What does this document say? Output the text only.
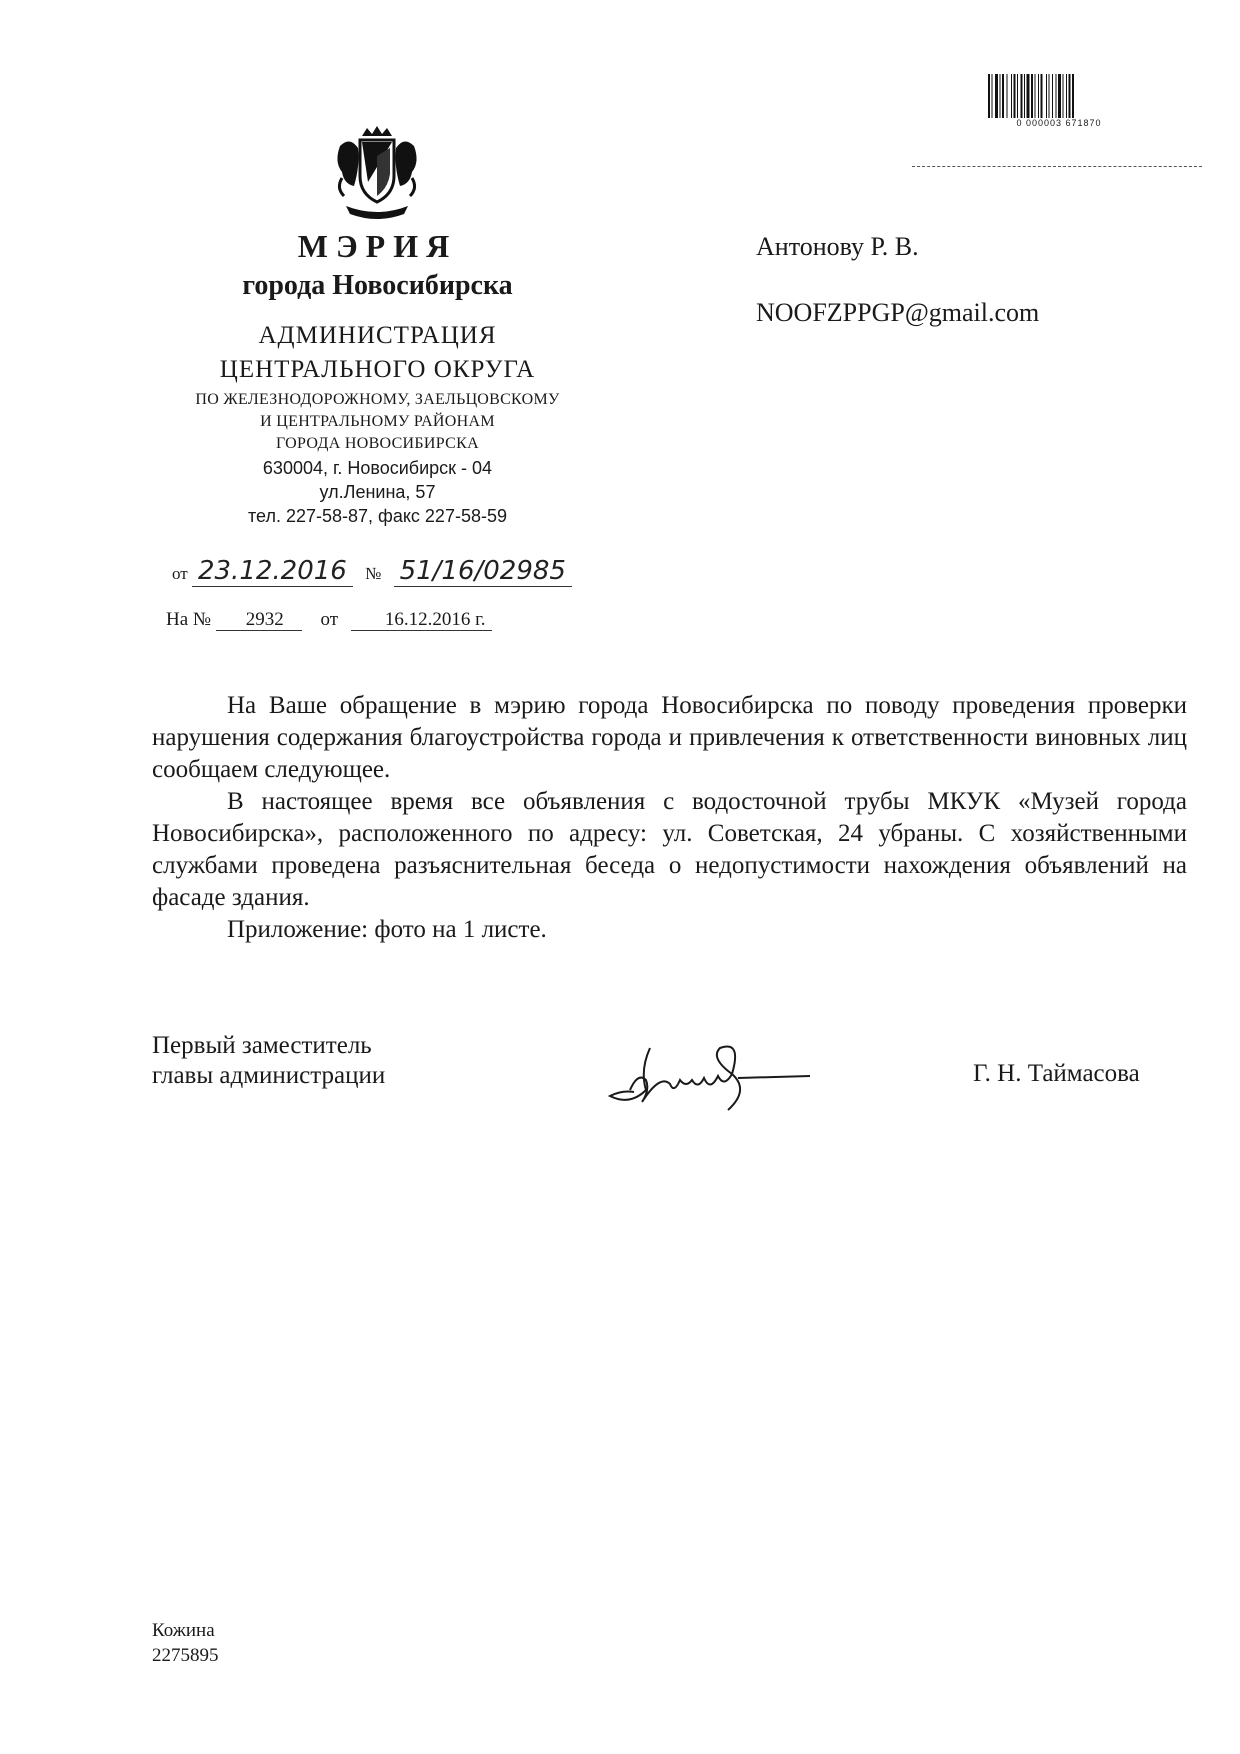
0 000003 671870
МЭРИЯ
города Новосибирска
АДМИНИСТРАЦИЯ
ЦЕНТРАЛЬНОГО ОКРУГА
ПО ЖЕЛЕЗНОДОРОЖНОМУ, ЗАЕЛЬЦОВСКОМУ
И ЦЕНТРАЛЬНОМУ РАЙОНАМ
ГОРОДА НОВОСИБИРСКА
630004, г. Новосибирск - 04
ул.Ленина, 57
тел. 227-58-87, факс 227-58-59
от 23.12.2016 № 51/16/02985
На № 2932 от 16.12.2016 г.
Антонову Р. В.
NOOFZPPGP@gmail.com

На Ваше обращение в мэрию города Новосибирска по поводу проведения проверки нарушения содержания благоустройства города и привлечения к ответственности виновных лиц сообщаем следующее.

В настоящее время все объявления с водосточной трубы МКУК «Музей города Новосибирска», расположенного по адресу: ул. Советская, 24 убраны. С хозяйственными службами проведена разъяснительная беседа о недопустимости нахождения объявлений на фасаде здания.

Приложение: фото на 1 листе.

Первый заместитель
главы администрации	Г. Н. Таймасова
Кожина
2275895
